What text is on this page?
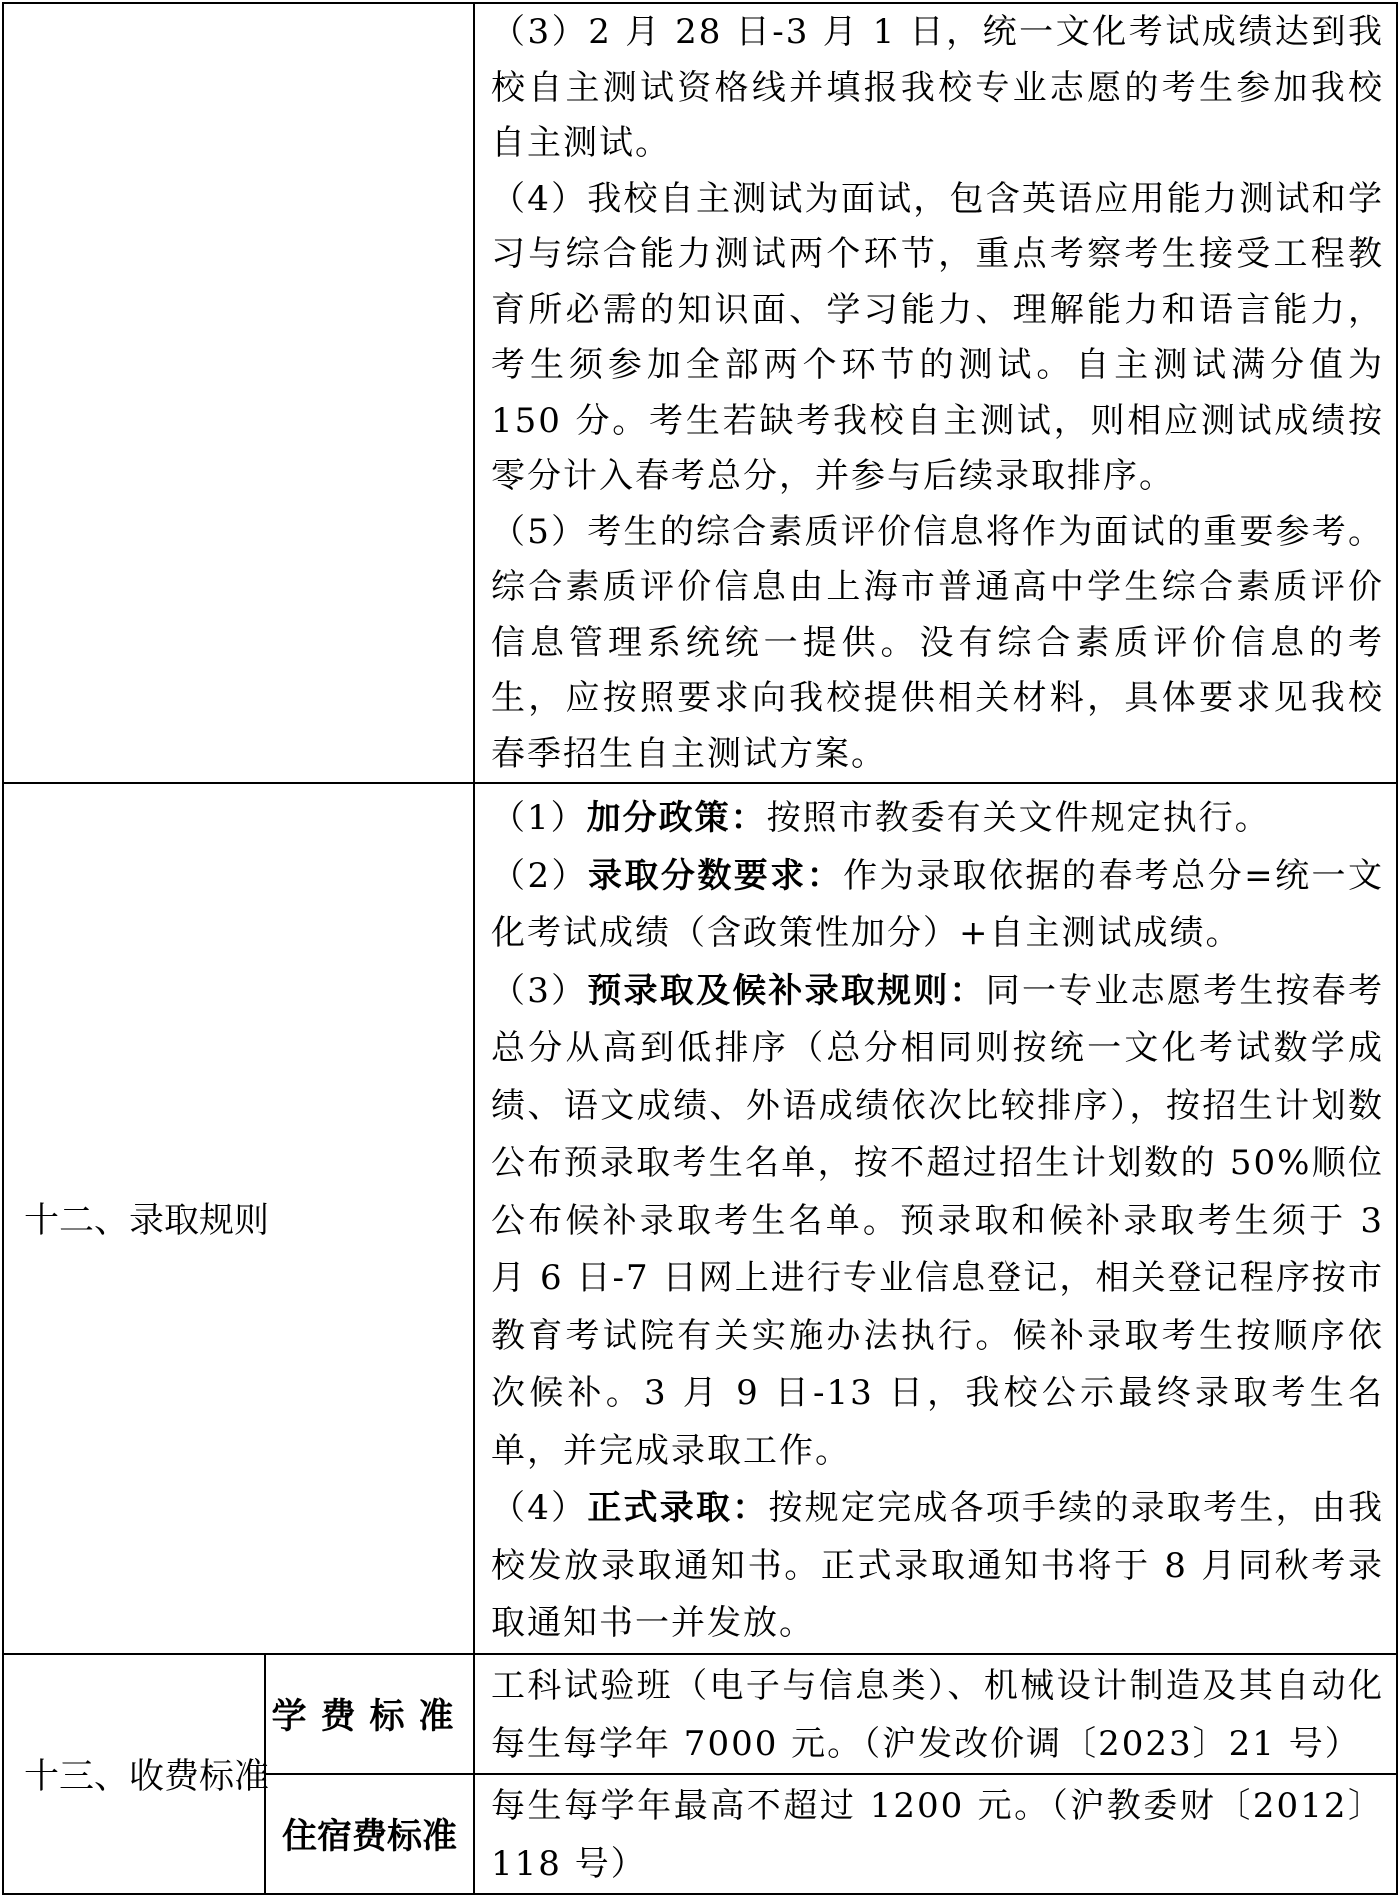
		（3）2 月 28 日-3 月 1 日，统一文化考试成绩达到我校自主测试资格线并填报我校专业志愿的考生参加我校自主测试。

（4）我校自主测试为面试，包含英语应用能力测试和学习与综合能力测试两个环节，重点考察考生接受工程教育所必需的知识面、学习能力、理解能力和语言能力，考生须参加全部两个环节的测试。自主测试满分值为 150 分。考生若缺考我校自主测试，则相应测试成绩按零分计入春考总分，并参与后续录取排序。

（5）考生的综合素质评价信息将作为面试的重要参考。综合素质评价信息由上海市普通高中学生综合素质评价信息管理系统统一提供。没有综合素质评价信息的考生，应按照要求向我校提供相关材料，具体要求见我校春季招生自主测试方案。

十二、录取规则		（1）加分政策：按照市教委有关文件规定执行。

（2）录取分数要求：作为录取依据的春考总分=统一文化考试成绩（含政策性加分）+自主测试成绩。

（3）预录取及候补录取规则：同一专业志愿考生按春考总分从高到低排序（总分相同则按统一文化考试数学成绩、语文成绩、外语成绩依次比较排序），按招生计划数公布预录取考生名单，按不超过招生计划数的 50%顺位公布候补录取考生名单。预录取和候补录取考生须于 3 月 6 日-7 日网上进行专业信息登记，相关登记程序按市教育考试院有关实施办法执行。候补录取考生按顺序依次候补。3 月 9 日-13 日，我校公示最终录取考生名单，并完成录取工作。

（4）正式录取：按规定完成各项手续的录取考生，由我校发放录取通知书。正式录取通知书将于 8 月同秋考录取通知书一并发放。

十三、收费标准	学费标准	工科试验班（电子与信息类）、机械设计制造及其自动化每生每学年 7000 元。（沪发改价调〔2023〕21 号）
	住宿费标准	每生每学年最高不超过 1200 元。（沪教委财〔2012〕118 号）
